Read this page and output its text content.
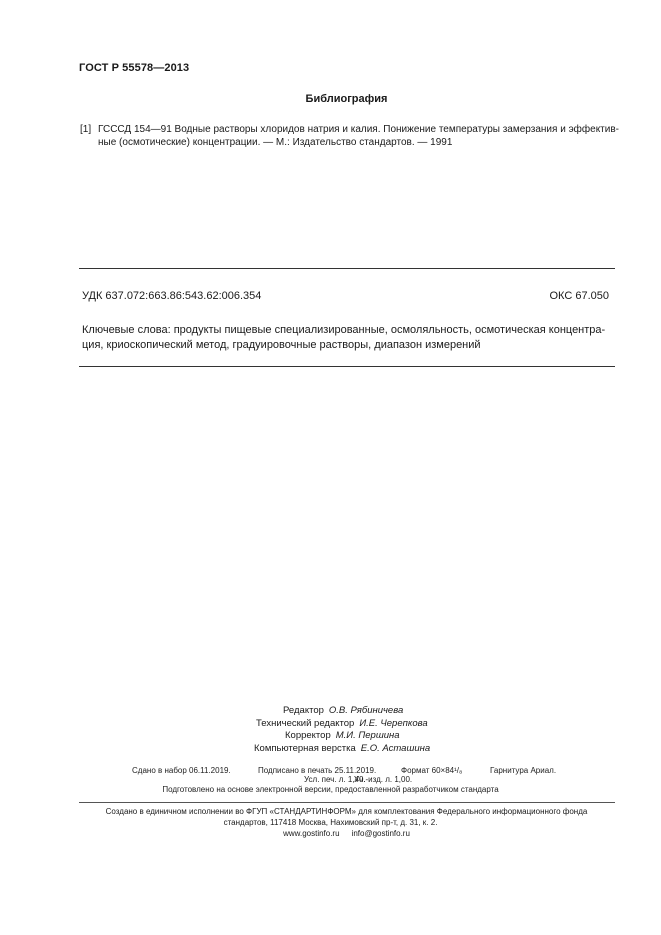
ГОСТ Р 55578—2013
Библиография
[1] ГСССД 154—91 Водные растворы хлоридов натрия и калия. Понижение температуры замерзания и эффектив-
ные (осмотические) концентрации. — М.: Издательство стандартов. — 1991
УДК 637.072:663.86:543.62:006.354	ОКС 67.050
Ключевые слова: продукты пищевые специализированные, осмоляльность, осмотическая концентра-
ция, криоскопический метод, градуировочные растворы, диапазон измерений
Редактор О.В. Рябиничева
Технический редактор И.Е. Черепкова
Корректор М.И. Першина
Компьютерная верстка Е.О. Асташина
Сдано в набор 06.11.2019.	Подписано в печать 25.11.2019.	Формат 60×84¹/₈	Гарнитура Ариал.
Усл. печ. л. 1,40.
Уч.-изд. л. 1,00.
Подготовлено на основе электронной версии, предоставленной разработчиком стандарта
Создано в единичном исполнении во ФГУП «СТАНДАРТИНФОРМ» для комплектования Федерального информационного фонда
стандартов, 117418 Москва, Нахимовский пр-т, д. 31, к. 2.
www.gostinfo.ru info@gostinfo.ru
